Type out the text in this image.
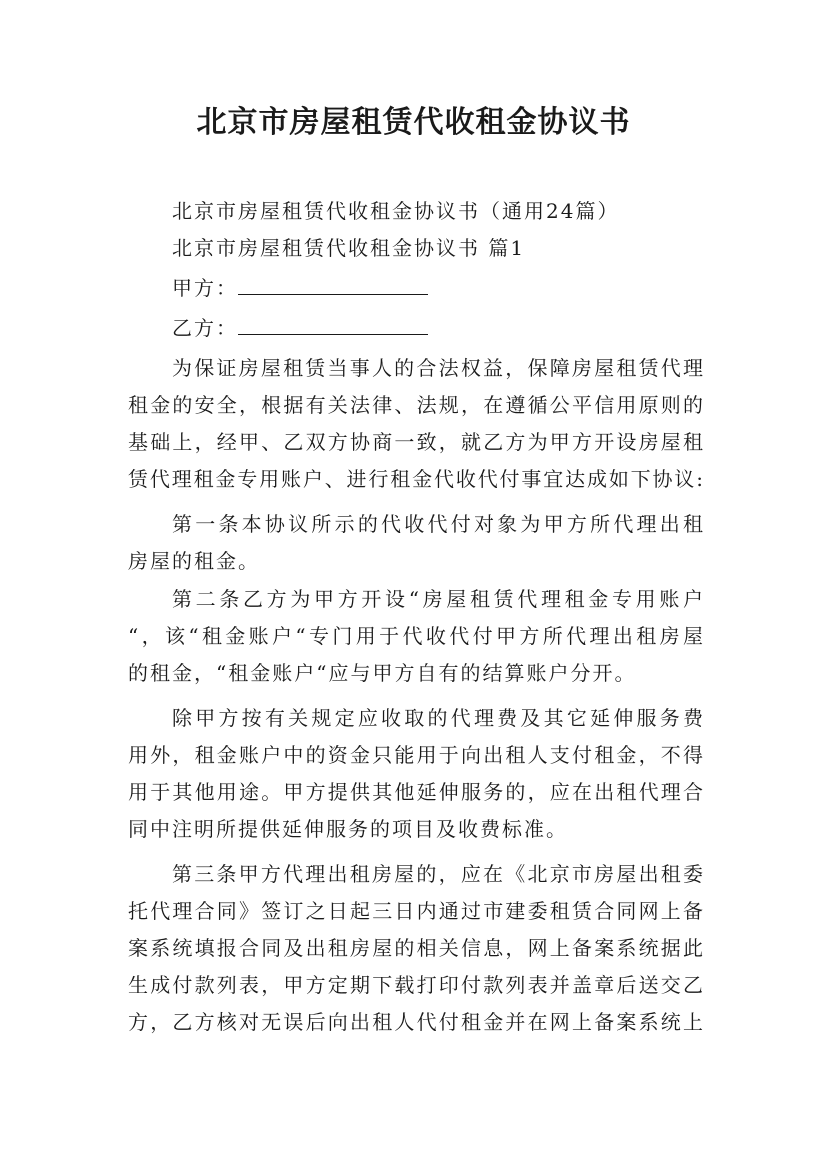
北京市房屋租赁代收租金协议书
北京市房屋租赁代收租金协议书（通用24篇）
北京市房屋租赁代收租金协议书 篇1
甲方：
乙方：
为保证房屋租赁当事人的合法权益，保障房屋租赁代理
租金的安全，根据有关法律、法规，在遵循公平信用原则的
基础上，经甲、乙双方协商一致，就乙方为甲方开设房屋租
赁代理租金专用账户、进行租金代收代付事宜达成如下协议:
第一条本协议所示的代收代付对象为甲方所代理出租
房屋的租金。
第二条乙方为甲方开设“房屋租赁代理租金专用账户
“，该“租金账户“专门用于代收代付甲方所代理出租房屋
的租金，“租金账户“应与甲方自有的结算账户分开。
除甲方按有关规定应收取的代理费及其它延伸服务费
用外，租金账户中的资金只能用于向出租人支付租金，不得
用于其他用途。甲方提供其他延伸服务的，应在出租代理合
同中注明所提供延伸服务的项目及收费标准。
第三条甲方代理出租房屋的，应在《北京市房屋出租委
托代理合同》签订之日起三日内通过市建委租赁合同网上备
案系统填报合同及出租房屋的相关信息，网上备案系统据此
生成付款列表，甲方定期下载打印付款列表并盖章后送交乙
方，乙方核对无误后向出租人代付租金并在网上备案系统上
